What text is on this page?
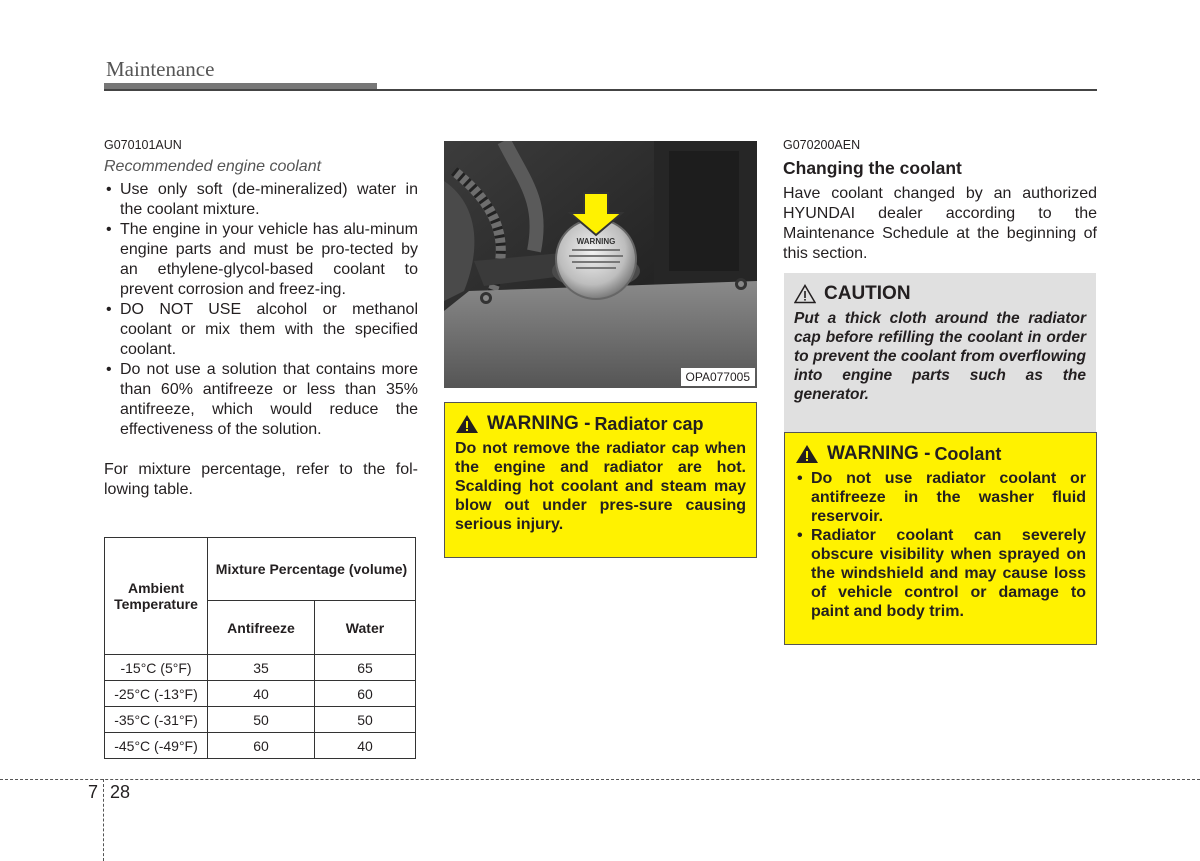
Maintenance
G070101AUN
Recommended engine coolant
• Use only soft (de-mineralized) water in the coolant mixture.
• The engine in your vehicle has alu-minum engine parts and must be pro-tected by an ethylene-glycol-based coolant to prevent corrosion and freez-ing.
• DO NOT USE alcohol or methanol coolant or mix them with the specified coolant.
• Do not use a solution that contains more than 60% antifreeze or less than 35% antifreeze, which would reduce the effectiveness of the solution.

For mixture percentage, refer to the fol-lowing table.

Ambient Temperature	Mixture Percentage (volume)	
	Antifreeze	Water
-15°C (5°F)	35	65
-25°C (-13°F)	40	60
-35°C (-31°F)	50	50
-45°C (-49°F)	60	40
WARNING
OPA077005
WARNING - Radiator cap
Do not remove the radiator cap when the engine and radiator are hot. Scalding hot coolant and steam may blow out under pres-sure causing serious injury.
G070200AEN
Changing the coolant

Have coolant changed by an authorized HYUNDAI dealer according to the Maintenance Schedule at the beginning of this section.

CAUTION
Put a thick cloth around the radiator cap before refilling the coolant in order to prevent the coolant from overflowing into engine parts such as the generator.
WARNING - Coolant
• Do not use radiator coolant or antifreeze in the washer fluid reservoir.
• Radiator coolant can severely obscure visibility when sprayed on the windshield and may cause loss of vehicle control or damage to paint and body trim.
7 28
